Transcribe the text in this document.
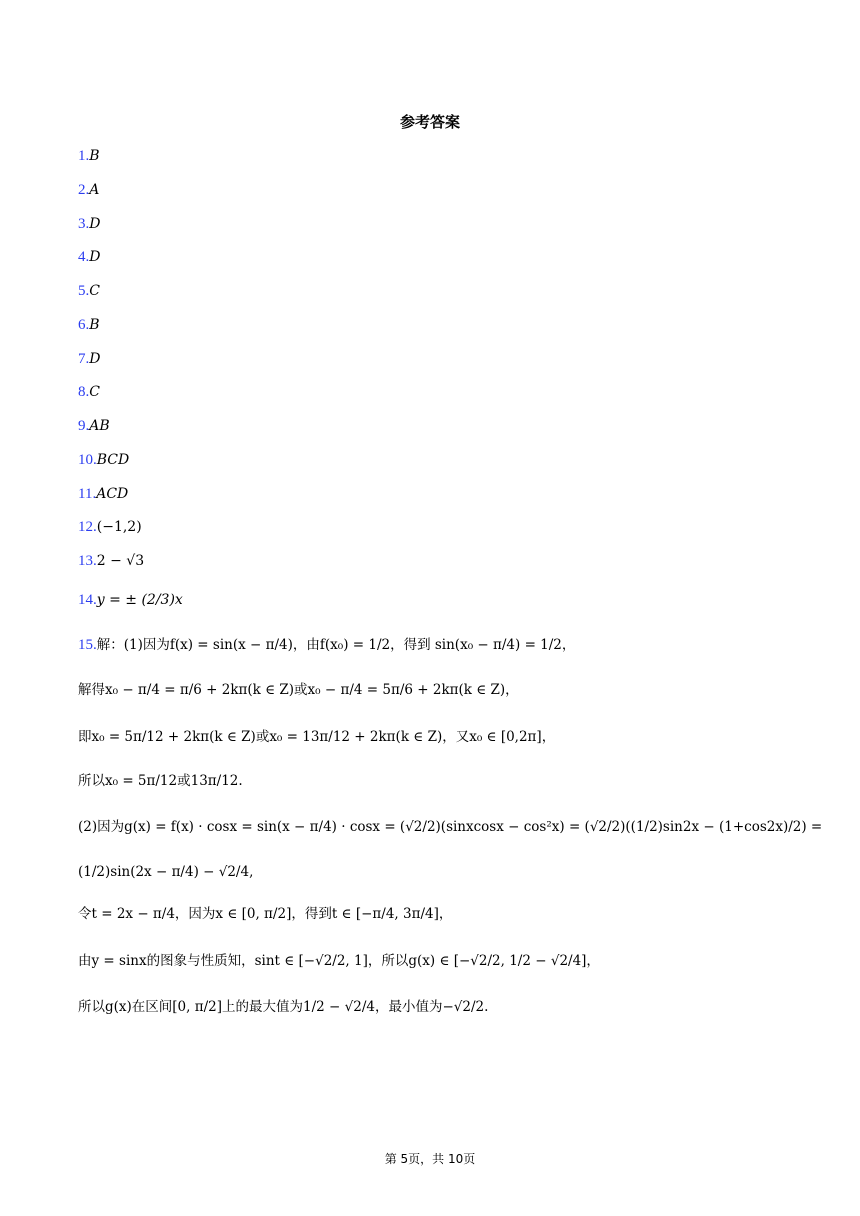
参考答案
1.B
2.A
3.D
4.D
5.C
6.B
7.D
8.C
9.AB
10.BCD
11.ACD
12.(−1,2)
13.2 − √3
14.y = ± (2/3)x
15.解：(1)因为f(x) = sin(x − π/4)，由f(x₀) = 1/2，得到 sin(x₀ − π/4) = 1/2，
解得x₀ − π/4 = π/6 + 2kπ(k ∈ Z)或x₀ − π/4 = 5π/6 + 2kπ(k ∈ Z)，
即x₀ = 5π/12 + 2kπ(k ∈ Z)或x₀ = 13π/12 + 2kπ(k ∈ Z)，又x₀ ∈ [0,2π]，
所以x₀ = 5π/12或13π/12.
(2)因为g(x) = f(x) · cosx = sin(x − π/4) · cosx = (√2/2)(sinxcosx − cos²x) = (√2/2)((1/2)sin2x − (1+cos2x)/2) =
(1/2)sin(2x − π/4) − √2/4,
令t = 2x − π/4，因为x ∈ [0, π/2]，得到t ∈ [−π/4, 3π/4]，
由y = sinx的图象与性质知，sint ∈ [−√2/2, 1]，所以g(x) ∈ [−√2/2, 1/2 − √2/4]，
所以g(x)在区间[0, π/2]上的最大值为1/2 − √2/4，最小值为−√2/2.
第 5页，共 10页
